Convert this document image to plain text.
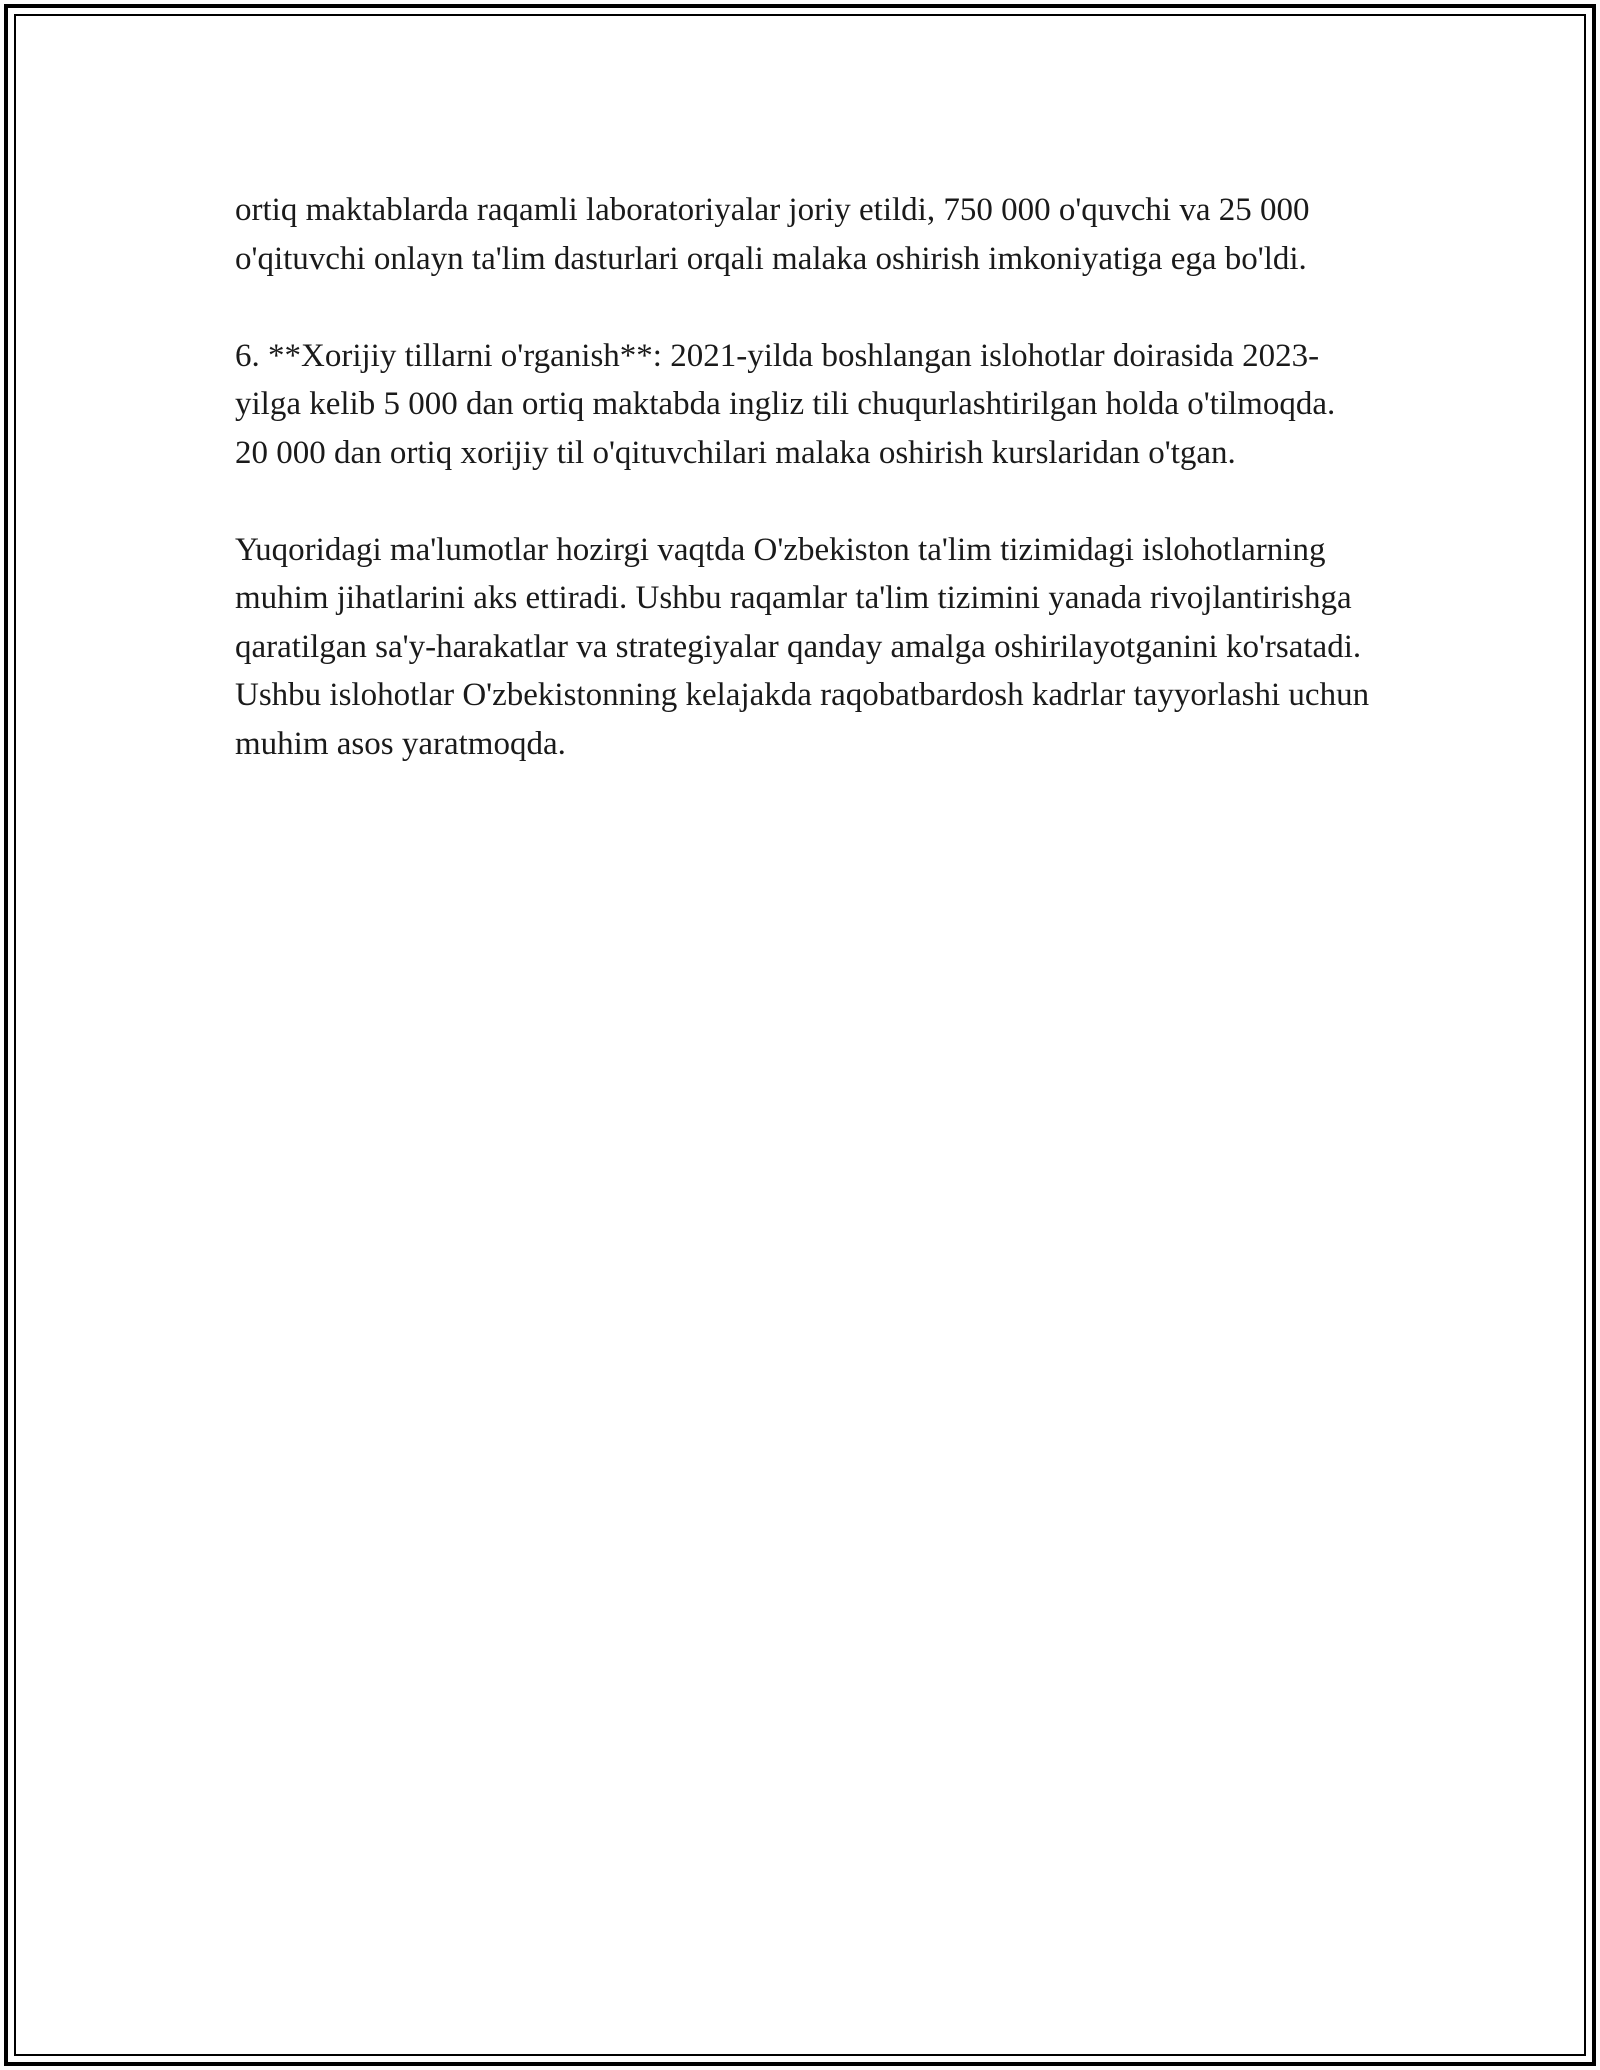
ortiq maktablarda raqamli laboratoriyalar joriy etildi, 750 000 o'quvchi va 25 000 o'qituvchi onlayn ta'lim dasturlari orqali malaka oshirish imkoniyatiga ega bo'ldi.

6. **Xorijiy tillarni o'rganish**: 2021-yilda boshlangan islohotlar doirasida 2023-yilga kelib 5 000 dan ortiq maktabda ingliz tili chuqurlashtirilgan holda o'tilmoqda. 20 000 dan ortiq xorijiy til o'qituvchilari malaka oshirish kurslaridan o'tgan.

Yuqoridagi ma'lumotlar hozirgi vaqtda O'zbekiston ta'lim tizimidagi islohotlarning muhim jihatlarini aks ettiradi. Ushbu raqamlar ta'lim tizimini yanada rivojlantirishga qaratilgan sa'y-harakatlar va strategiyalar qanday amalga oshirilayotganini ko'rsatadi. Ushbu islohotlar O'zbekistonning kelajakda raqobatbardosh kadrlar tayyorlashi uchun muhim asos yaratmoqda.
